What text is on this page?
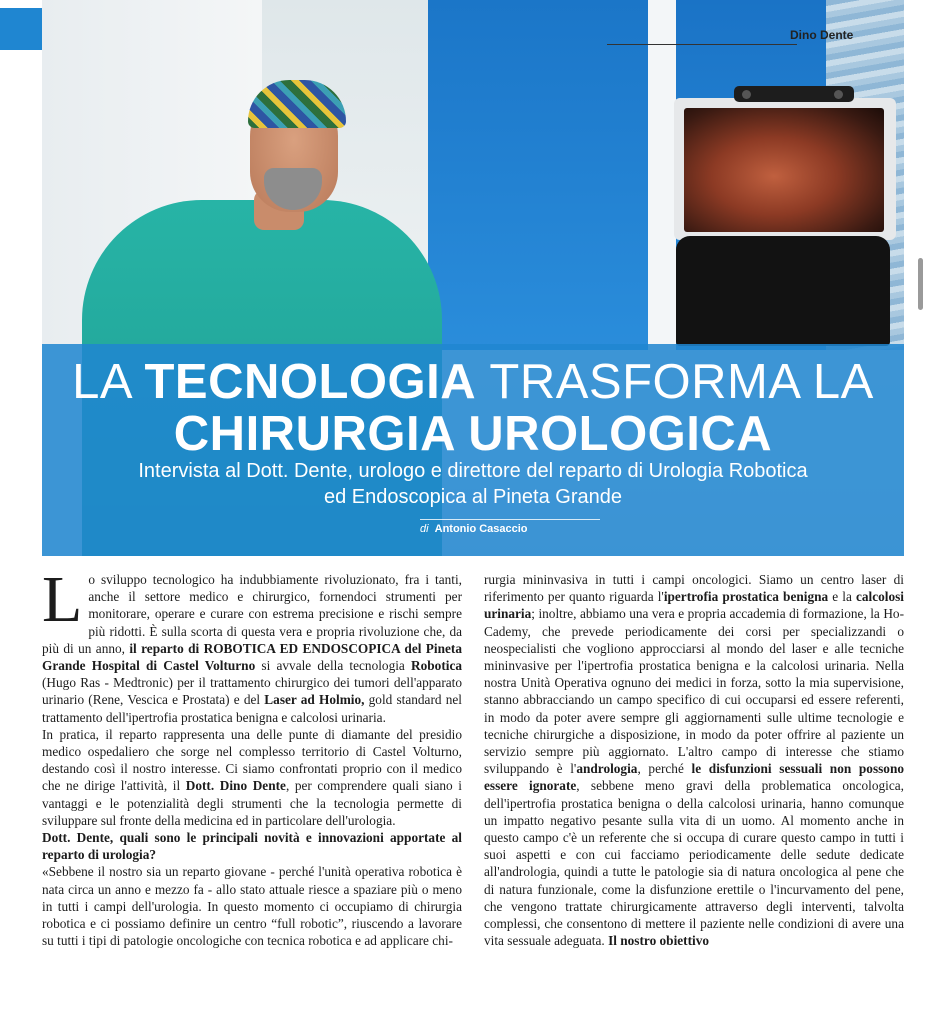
LA TECNOLOGIA TRASFORMA LA
CHIRURGIA UROLOGICA
Intervista al Dott. Dente, urologo e direttore del reparto di Urologia Robotica
ed Endoscopica al Pineta Grande
di Antonio Casaccio
Dino Dente

Lo sviluppo tecnologico ha indubbiamente rivoluzionato, fra i tanti, anche il settore medico e chirurgico, fornendoci strumenti per monitorare, operare e curare con estrema precisione e rischi sempre più ridotti. È sulla scorta di questa vera e propria rivoluzione che, da più di un anno, il reparto di ROBOTICA ED ENDOSCOPICA del Pineta Grande Hospital di Castel Volturno si avvale della tecnologia Robotica (Hugo Ras - Medtronic) per il trattamento chirurgico dei tumori dell'apparato urinario (Rene, Vescica e Prostata) e del Laser ad Holmio, gold standard nel trattamento dell'ipertrofia prostatica benigna e calcolosi urinaria.

In pratica, il reparto rappresenta una delle punte di diamante del presidio medico ospedaliero che sorge nel complesso territorio di Castel Volturno, destando così il nostro interesse. Ci siamo confrontati proprio con il medico che ne dirige l'attività, il Dott. Dino Dente, per comprendere quali siano i vantaggi e le potenzialità degli strumenti che la tecnologia permette di sviluppare sul fronte della medicina ed in particolare dell'urologia.

Dott. Dente, quali sono le principali novità e innovazioni apportate al reparto di urologia?

«Sebbene il nostro sia un reparto giovane - perché l'unità operativa robotica è nata circa un anno e mezzo fa - allo stato attuale riesce a spaziare più o meno in tutti i campi dell'urologia. In questo momento ci occupiamo di chirurgia robotica e ci possiamo definire un centro “full robotic”, riuscendo a lavorare su tutti i tipi di patologie oncologiche con tecnica robotica e ad applicare chi-

rurgia mininvasiva in tutti i campi oncologici. Siamo un centro laser di riferimento per quanto riguarda l'ipertrofia prostatica benigna e la calcolosi urinaria; inoltre, abbiamo una vera e propria accademia di formazione, la Ho-Cademy, che prevede periodicamente dei corsi per specializzandi o neospecialisti che vogliono approcciarsi al mondo del laser e alle tecniche mininvasive per l'ipertrofia prostatica benigna e la calcolosi urinaria. Nella nostra Unità Operativa ognuno dei medici in forza, sotto la mia supervisione, stanno abbracciando un campo specifico di cui occuparsi ed essere referenti, in modo da poter avere sempre gli aggiornamenti sulle ultime tecnologie e tecniche chirurgiche a disposizione, in modo da poter offrire al paziente un servizio sempre più aggiornato. L'altro campo di interesse che stiamo sviluppando è l'andrologia, perché le disfunzioni sessuali non possono essere ignorate, sebbene meno gravi della problematica oncologica, dell'ipertrofia prostatica benigna o della calcolosi urinaria, hanno comunque un impatto negativo pesante sulla vita di un uomo. Al momento anche in questo campo c'è un referente che si occupa di curare questo campo in tutti i suoi aspetti e con cui facciamo periodicamente delle sedute dedicate all'andrologia, quindi a tutte le patologie sia di natura oncologica al pene che di natura funzionale, come la disfunzione erettile o l'incurvamento del pene, che vengono trattate chirurgicamente attraverso degli interventi, talvolta complessi, che consentono di mettere il paziente nelle condizioni di avere una vita sessuale adeguata. Il nostro obiettivo
